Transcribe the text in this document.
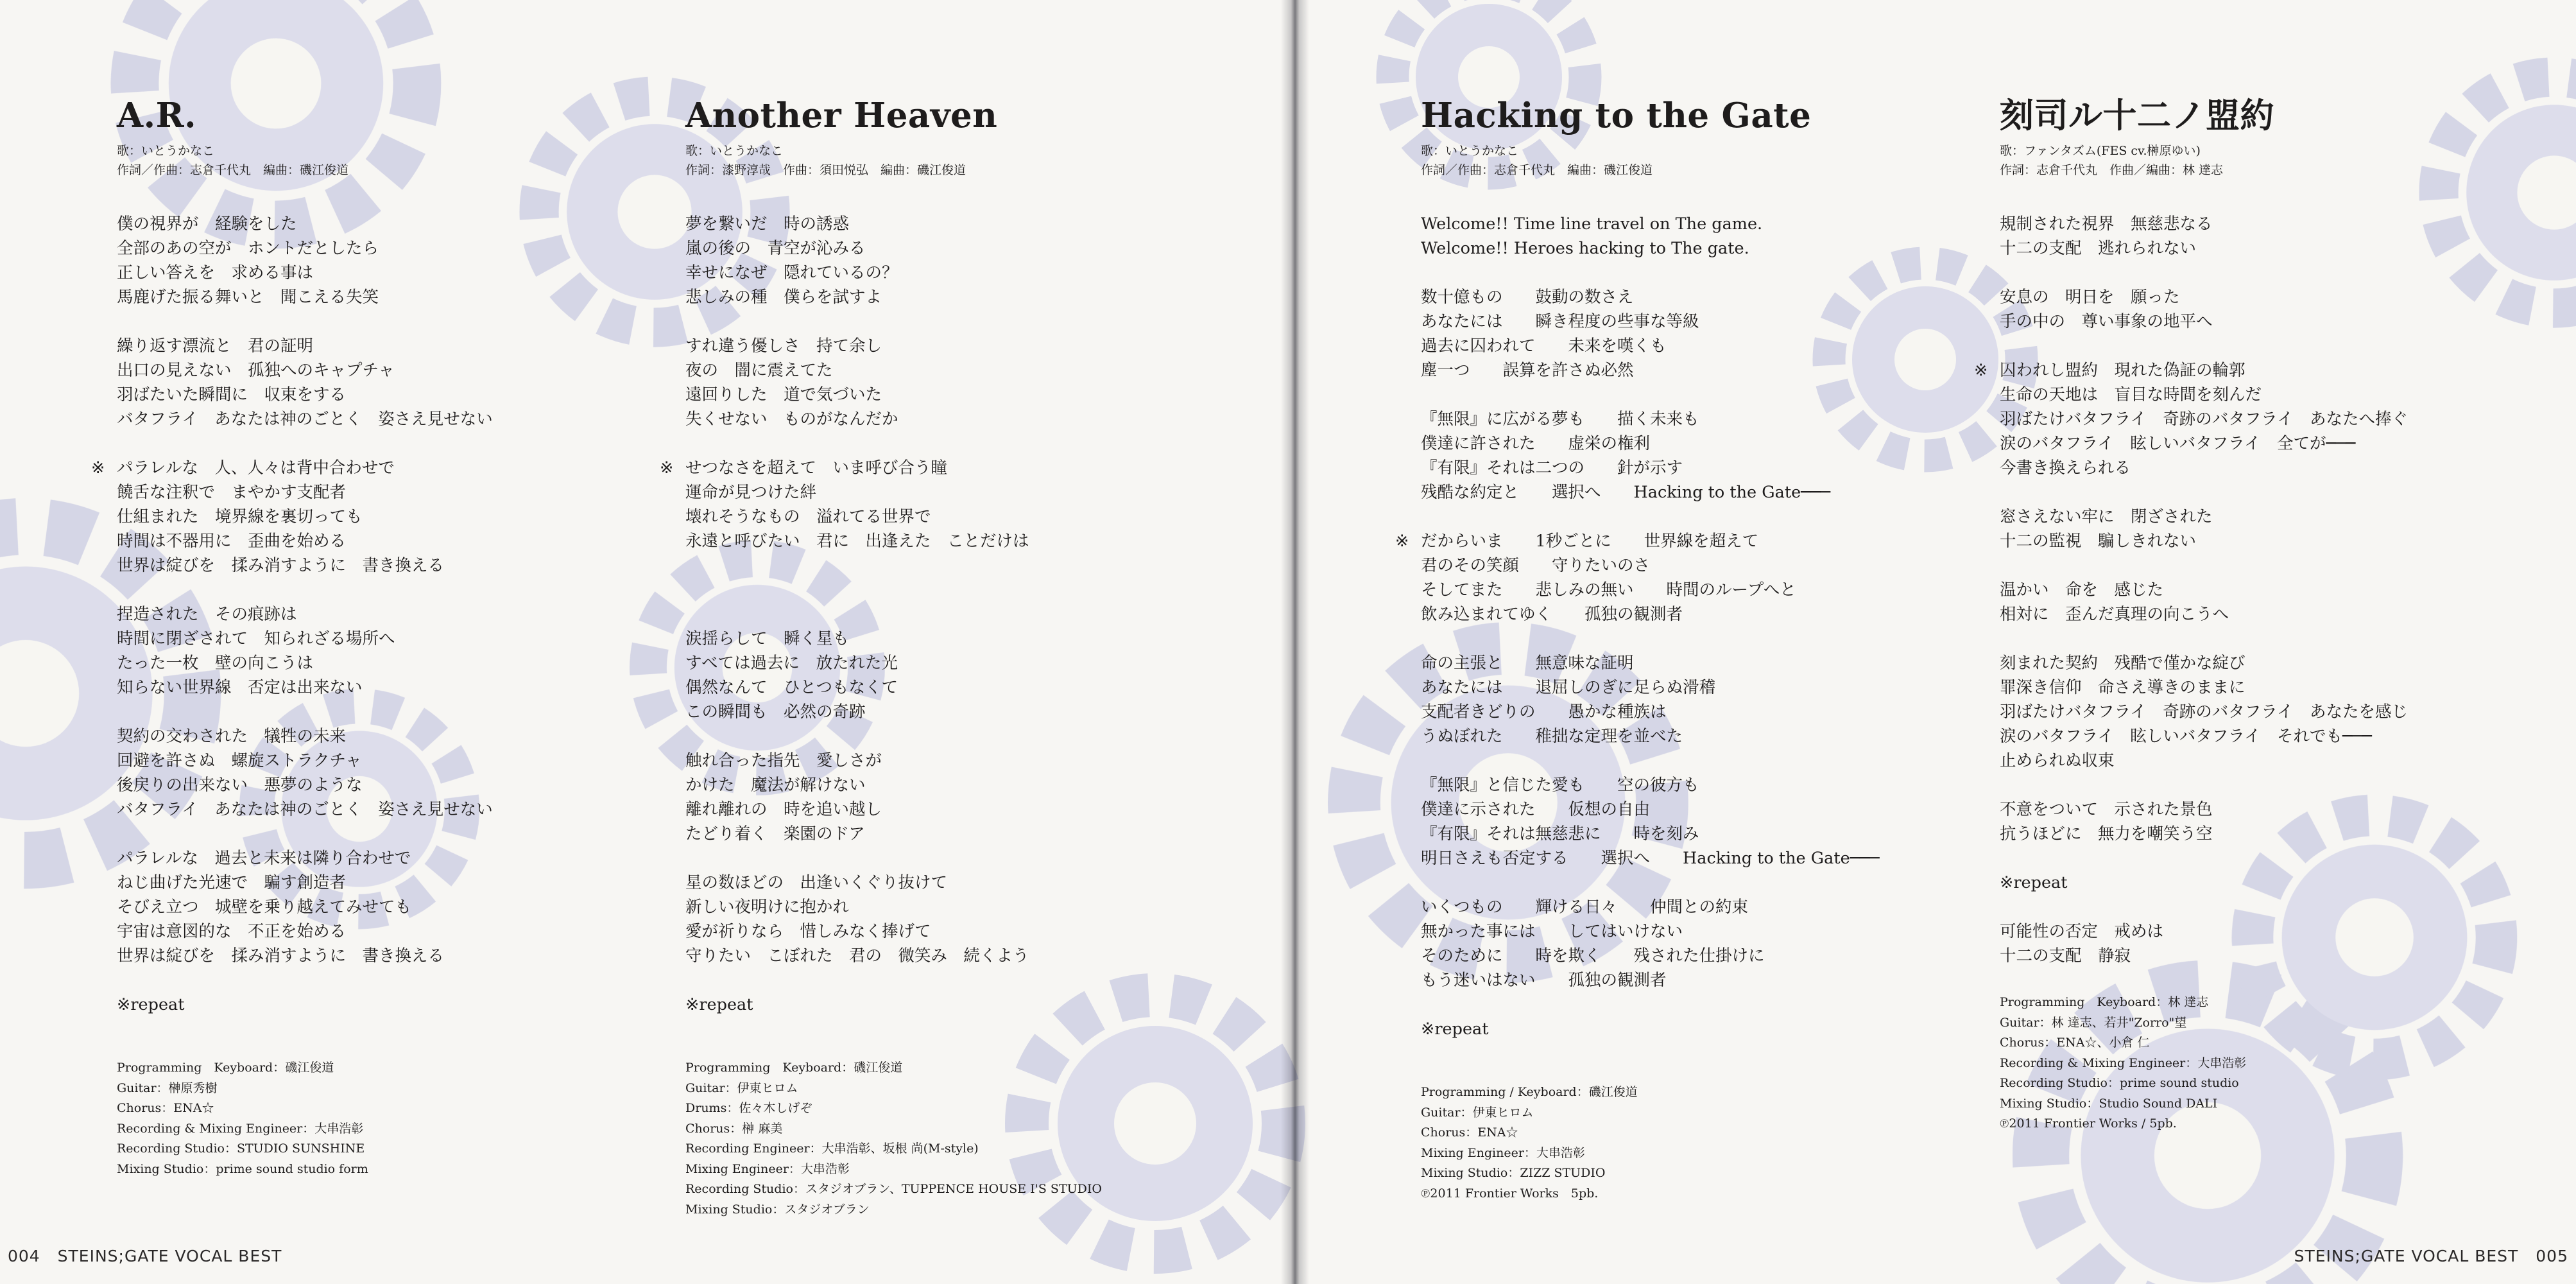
A.R.
歌：いとうかなこ
作詞／作曲：志倉千代丸　編曲：磯江俊道
僕の視界が　経験をした
全部のあの空が　ホントだとしたら
正しい答えを　求める事は
馬鹿げた振る舞いと　聞こえる失笑
繰り返す漂流と　君の証明
出口の見えない　孤独へのキャプチャ
羽ばたいた瞬間に　収束をする
バタフライ　あなたは神のごとく　姿さえ見せない
※ パラレルな　人、人々は背中合わせで
饒舌な注釈で　まやかす支配者
仕組まれた　境界線を裏切っても
時間は不器用に　歪曲を始める
世界は綻びを　揉み消すように　書き換える
捏造された　その痕跡は
時間に閉ざされて　知られざる場所へ
たった一枚　壁の向こうは
知らない世界線　否定は出来ない
契約の交わされた　犠牲の未来
回避を許さぬ　螺旋ストラクチャ
後戻りの出来ない　悪夢のような
バタフライ　あなたは神のごとく　姿さえ見せない
パラレルな　過去と未来は隣り合わせで
ねじ曲げた光速で　騙す創造者
そびえ立つ　城壁を乗り越えてみせても
宇宙は意図的な　不正を始める
世界は綻びを　揉み消すように　書き換える
※repeat
Programming　Keyboard：磯江俊道
Guitar：榊原秀樹
Chorus：ENA☆
Recording & Mixing Engineer：大串浩彰
Recording Studio：STUDIO SUNSHINE
Mixing Studio：prime sound studio form
Another Heaven
歌：いとうかなこ
作詞：漆野淳哉　作曲：須田悦弘　編曲：磯江俊道
夢を繋いだ　時の誘惑
嵐の後の　青空が沁みる
幸せになぜ　隠れているの？
悲しみの種　僕らを試すよ
すれ違う優しさ　持て余し
夜の　闇に震えてた
遠回りした　道で気づいた
失くせない　ものがなんだか
※ せつなさを超えて　いま呼び合う瞳
運命が見つけた絆
壊れそうなもの　溢れてる世界で
永遠と呼びたい　君に　出逢えた　ことだけは
涙揺らして　瞬く星も
すべては過去に　放たれた光
偶然なんて　ひとつもなくて
この瞬間も　必然の奇跡
触れ合った指先　愛しさが
かけた　魔法が解けない
離れ離れの　時を追い越し
たどり着く　楽園のドア
星の数ほどの　出逢いくぐり抜けて
新しい夜明けに抱かれ
愛が祈りなら　惜しみなく捧げて
守りたい　こぼれた　君の　微笑み　続くよう
※repeat
Programming　Keyboard：磯江俊道
Guitar：伊東ヒロム
Drums：佐々木しげぞ
Chorus：榊 麻美
Recording Engineer：大串浩彰、坂根 尚(M-style)
Mixing Engineer：大串浩彰
Recording Studio：スタジオブラン、TUPPENCE HOUSE I'S STUDIO
Mixing Studio：スタジオブラン
004 STEINS;GATE VOCAL BEST
Hacking to the Gate
歌：いとうかなこ
作詞／作曲：志倉千代丸　編曲：磯江俊道
Welcome!! Time line travel on The game.
Welcome!! Heroes hacking to The gate.
数十億もの　　鼓動の数さえ
あなたには　　瞬き程度の些事な等級
過去に囚われて　　未来を嘆くも
塵一つ　　誤算を許さぬ必然
『無限』に広がる夢も　　描く未来も
僕達に許された　　虚栄の権利
『有限』それは二つの　　針が示す
残酷な約定と　　選択へ　　Hacking to the Gate───
※ だからいま　　1秒ごとに　　世界線を超えて
君のその笑顔　　守りたいのさ
そしてまた　　悲しみの無い　　時間のループへと
飲み込まれてゆく　　孤独の観測者
命の主張と　　無意味な証明
あなたには　　退屈しのぎに足らぬ滑稽
支配者きどりの　　愚かな種族は
うぬぼれた　　稚拙な定理を並べた
『無限』と信じた愛も　　空の彼方も
僕達に示された　　仮想の自由
『有限』それは無慈悲に　　時を刻み
明日さえも否定する　　選択へ　　Hacking to the Gate───
いくつもの　　輝ける日々　　仲間との約束
無かった事には　　してはいけない
そのために　　時を欺く　　残された仕掛けに
もう迷いはない　　孤独の観測者
※repeat
Programming / Keyboard：磯江俊道
Guitar：伊東ヒロム
Chorus：ENA☆
Mixing Engineer：大串浩彰
Mixing Studio：ZIZZ STUDIO
℗2011 Frontier Works　5pb.
刻司ル十二ノ盟約
歌：ファンタズム(FES cv.榊原ゆい)
作詞：志倉千代丸　作曲／編曲：林 達志
規制された視界　無慈悲なる
十二の支配　逃れられない
安息の　明日を　願った
手の中の　尊い事象の地平へ
※ 囚われし盟約　現れた偽証の輪郭
生命の天地は　盲目な時間を刻んだ
羽ばたけバタフライ　奇跡のバタフライ　あなたへ捧ぐ
涙のバタフライ　眩しいバタフライ　全てが───
今書き換えられる
窓さえない牢に　閉ざされた
十二の監視　騙しきれない
温かい　命を　感じた
相対に　歪んだ真理の向こうへ
刻まれた契約　残酷で僅かな綻び
罪深き信仰　命さえ導きのままに
羽ばたけバタフライ　奇跡のバタフライ　あなたを感じ
涙のバタフライ　眩しいバタフライ　それでも───
止められぬ収束
不意をついて　示された景色
抗うほどに　無力を嘲笑う空
※repeat
可能性の否定　戒めは
十二の支配　静寂
Programming　Keyboard：林 達志
Guitar：林 達志、若井"Zorro"望
Chorus：ENA☆、小倉 仁
Recording & Mixing Engineer：大串浩彰
Recording Studio：prime sound studio
Mixing Studio：Studio Sound DALI
℗2011 Frontier Works / 5pb.
STEINS;GATE VOCAL BEST 005
